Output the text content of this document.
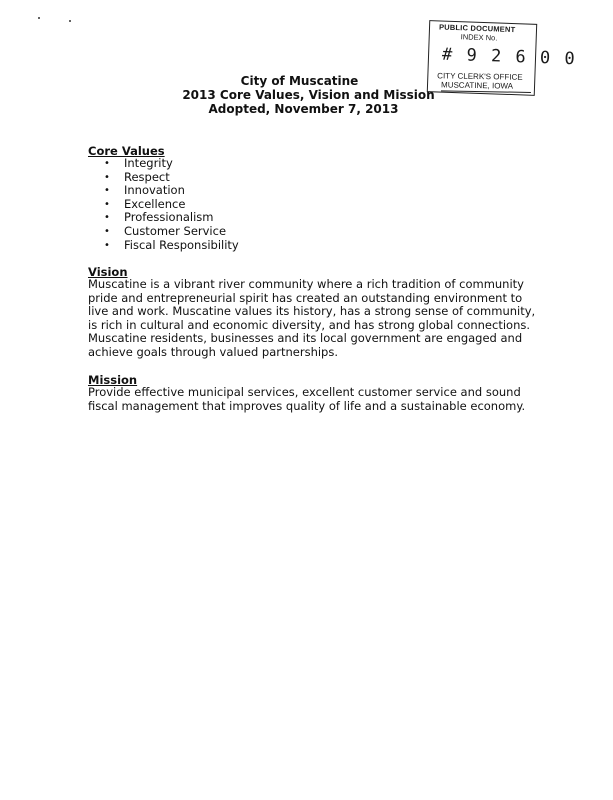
PUBLIC DOCUMENT
INDEX No.
# 9 2 6 0 0
CITY CLERK'S OFFICE
MUSCATINE, IOWA
City of Muscatine
2013 Core Values, Vision and Mission
Adopted, November 7, 2013
Core Values
• Integrity
• Respect
• Innovation
• Excellence
• Professionalism
• Customer Service
• Fiscal Responsibility
Vision

Muscatine is a vibrant river community where a rich tradition of community
pride and entrepreneurial spirit has created an outstanding environment to
live and work. Muscatine values its history, has a strong sense of community,
is rich in cultural and economic diversity, and has strong global connections.
Muscatine residents, businesses and its local government are engaged and
achieve goals through valued partnerships.

Mission

Provide effective municipal services, excellent customer service and sound
fiscal management that improves quality of life and a sustainable economy.
